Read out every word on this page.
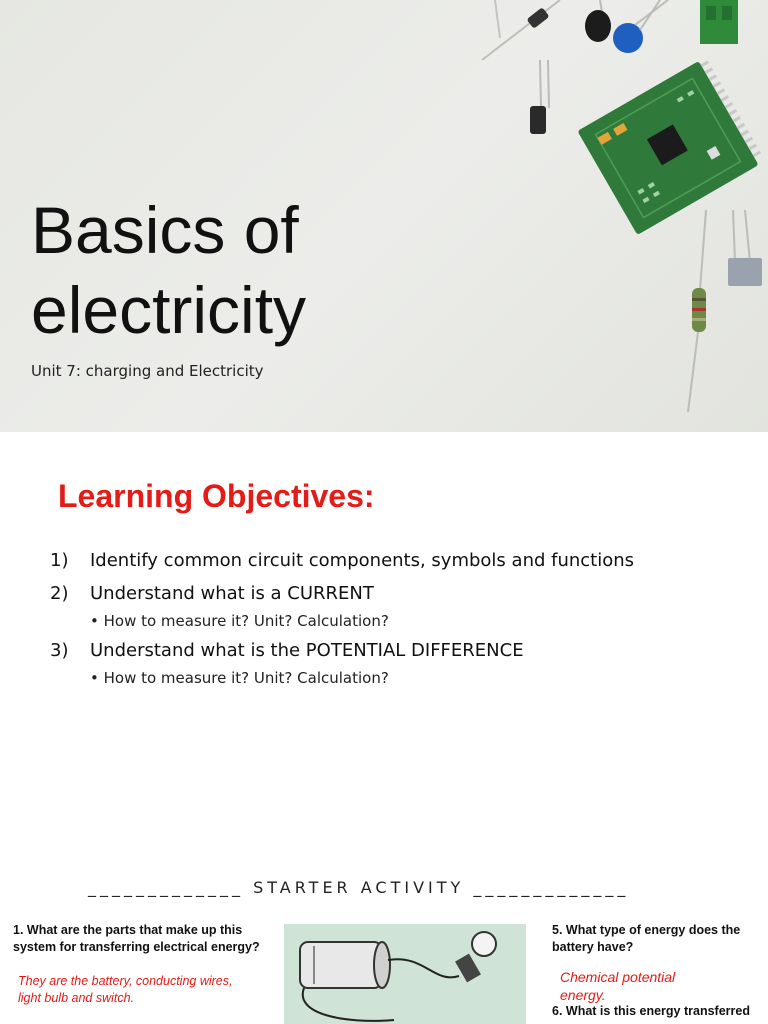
Basics of
electricity
Unit 7: charging and Electricity
Learning Objectives:
1) Identify common circuit components, symbols and functions
2) Understand what is a CURRENT
• How to measure it? Unit? Calculation?
3) Understand what is the POTENTIAL DIFFERENCE
• How to measure it? Unit? Calculation?
_____________ STARTER ACTIVITY _____________
1. What are the parts that make up this system for transferring electrical energy?
They are the battery, conducting wires, light bulb and switch.
5. What type of energy does the battery have?
Chemical potential energy.
6. What is this energy transferred
